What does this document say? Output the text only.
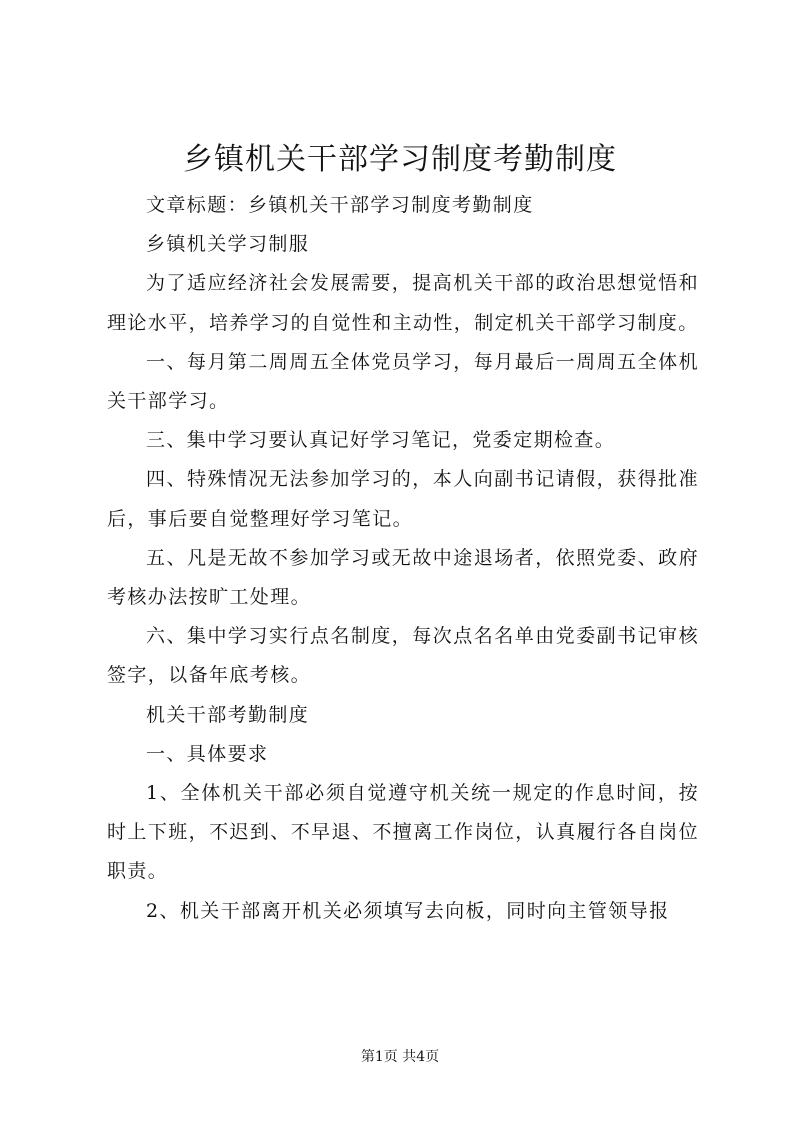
乡镇机关干部学习制度考勤制度

文章标题：乡镇机关干部学习制度考勤制度

乡镇机关学习制服

为了适应经济社会发展需要，提高机关干部的政治思想觉悟和理论水平，培养学习的自觉性和主动性，制定机关干部学习制度。

一、每月第二周周五全体党员学习，每月最后一周周五全体机关干部学习。

三、集中学习要认真记好学习笔记，党委定期检查。

四、特殊情况无法参加学习的，本人向副书记请假，获得批准后，事后要自觉整理好学习笔记。

五、凡是无故不参加学习或无故中途退场者，依照党委、政府考核办法按旷工处理。

六、集中学习实行点名制度，每次点名名单由党委副书记审核签字，以备年底考核。

机关干部考勤制度

一、具体要求

1、全体机关干部必须自觉遵守机关统一规定的作息时间，按时上下班，不迟到、不早退、不擅离工作岗位，认真履行各自岗位职责。

2、机关干部离开机关必须填写去向板，同时向主管领导报

第1页 共4页
